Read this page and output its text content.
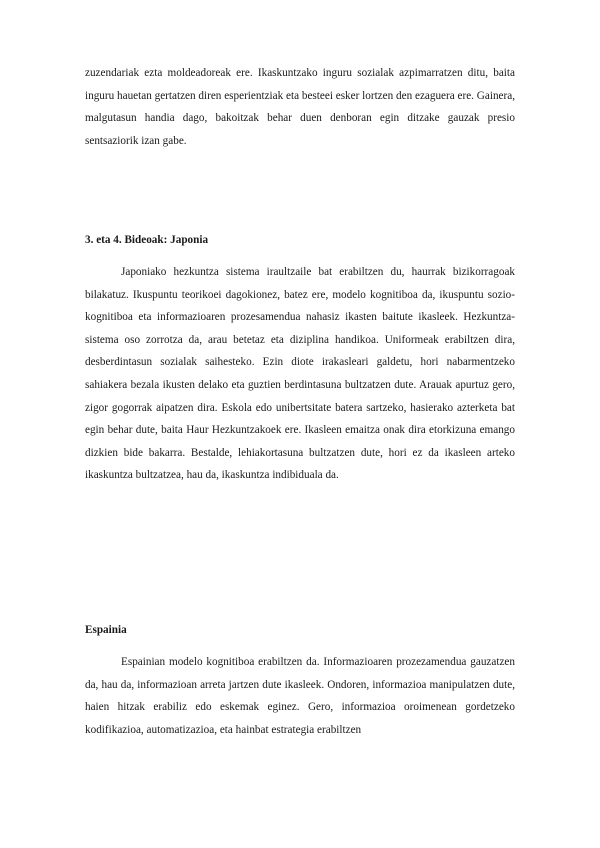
zuzendariak ezta moldeadoreak ere. Ikaskuntzako inguru sozialak azpimarratzen ditu, baita inguru hauetan gertatzen diren esperientziak eta besteei esker lortzen den ezaguera ere. Gainera, malgutasun handia dago, bakoitzak behar duen denboran egin ditzake gauzak presio sentsaziorik izan gabe.

3. eta 4. Bideoak: Japonia

Japoniako hezkuntza sistema iraultzaile bat erabiltzen du, haurrak bizikorragoak bilakatuz. Ikuspuntu teorikoei dagokionez, batez ere, modelo kognitiboa da, ikuspuntu sozio-kognitiboa eta informazioaren prozesamendua nahasiz ikasten baitute ikasleek. Hezkuntza-sistema oso zorrotza da, arau betetaz eta diziplina handikoa. Uniformeak erabiltzen dira, desberdintasun sozialak saihesteko. Ezin diote irakasleari galdetu, hori nabarmentzeko sahiakera bezala ikusten delako eta guztien berdintasuna bultzatzen dute. Arauak apurtuz gero, zigor gogorrak aipatzen dira. Eskola edo unibertsitate batera sartzeko, hasierako azterketa bat egin behar dute, baita Haur Hezkuntzakoek ere. Ikasleen emaitza onak dira etorkizuna emango dizkien bide bakarra. Bestalde, lehiakortasuna bultzatzen dute, hori ez da ikasleen arteko ikaskuntza bultzatzea, hau da, ikaskuntza indibiduala da.

Espainia

Espainian modelo kognitiboa erabiltzen da. Informazioaren prozezamendua gauzatzen da, hau da, informazioan arreta jartzen dute ikasleek. Ondoren, informazioa manipulatzen dute, haien hitzak erabiliz edo eskemak eginez. Gero, informazioa oroimenean gordetzeko kodifikazioa, automatizazioa, eta hainbat estrategia erabiltzen
